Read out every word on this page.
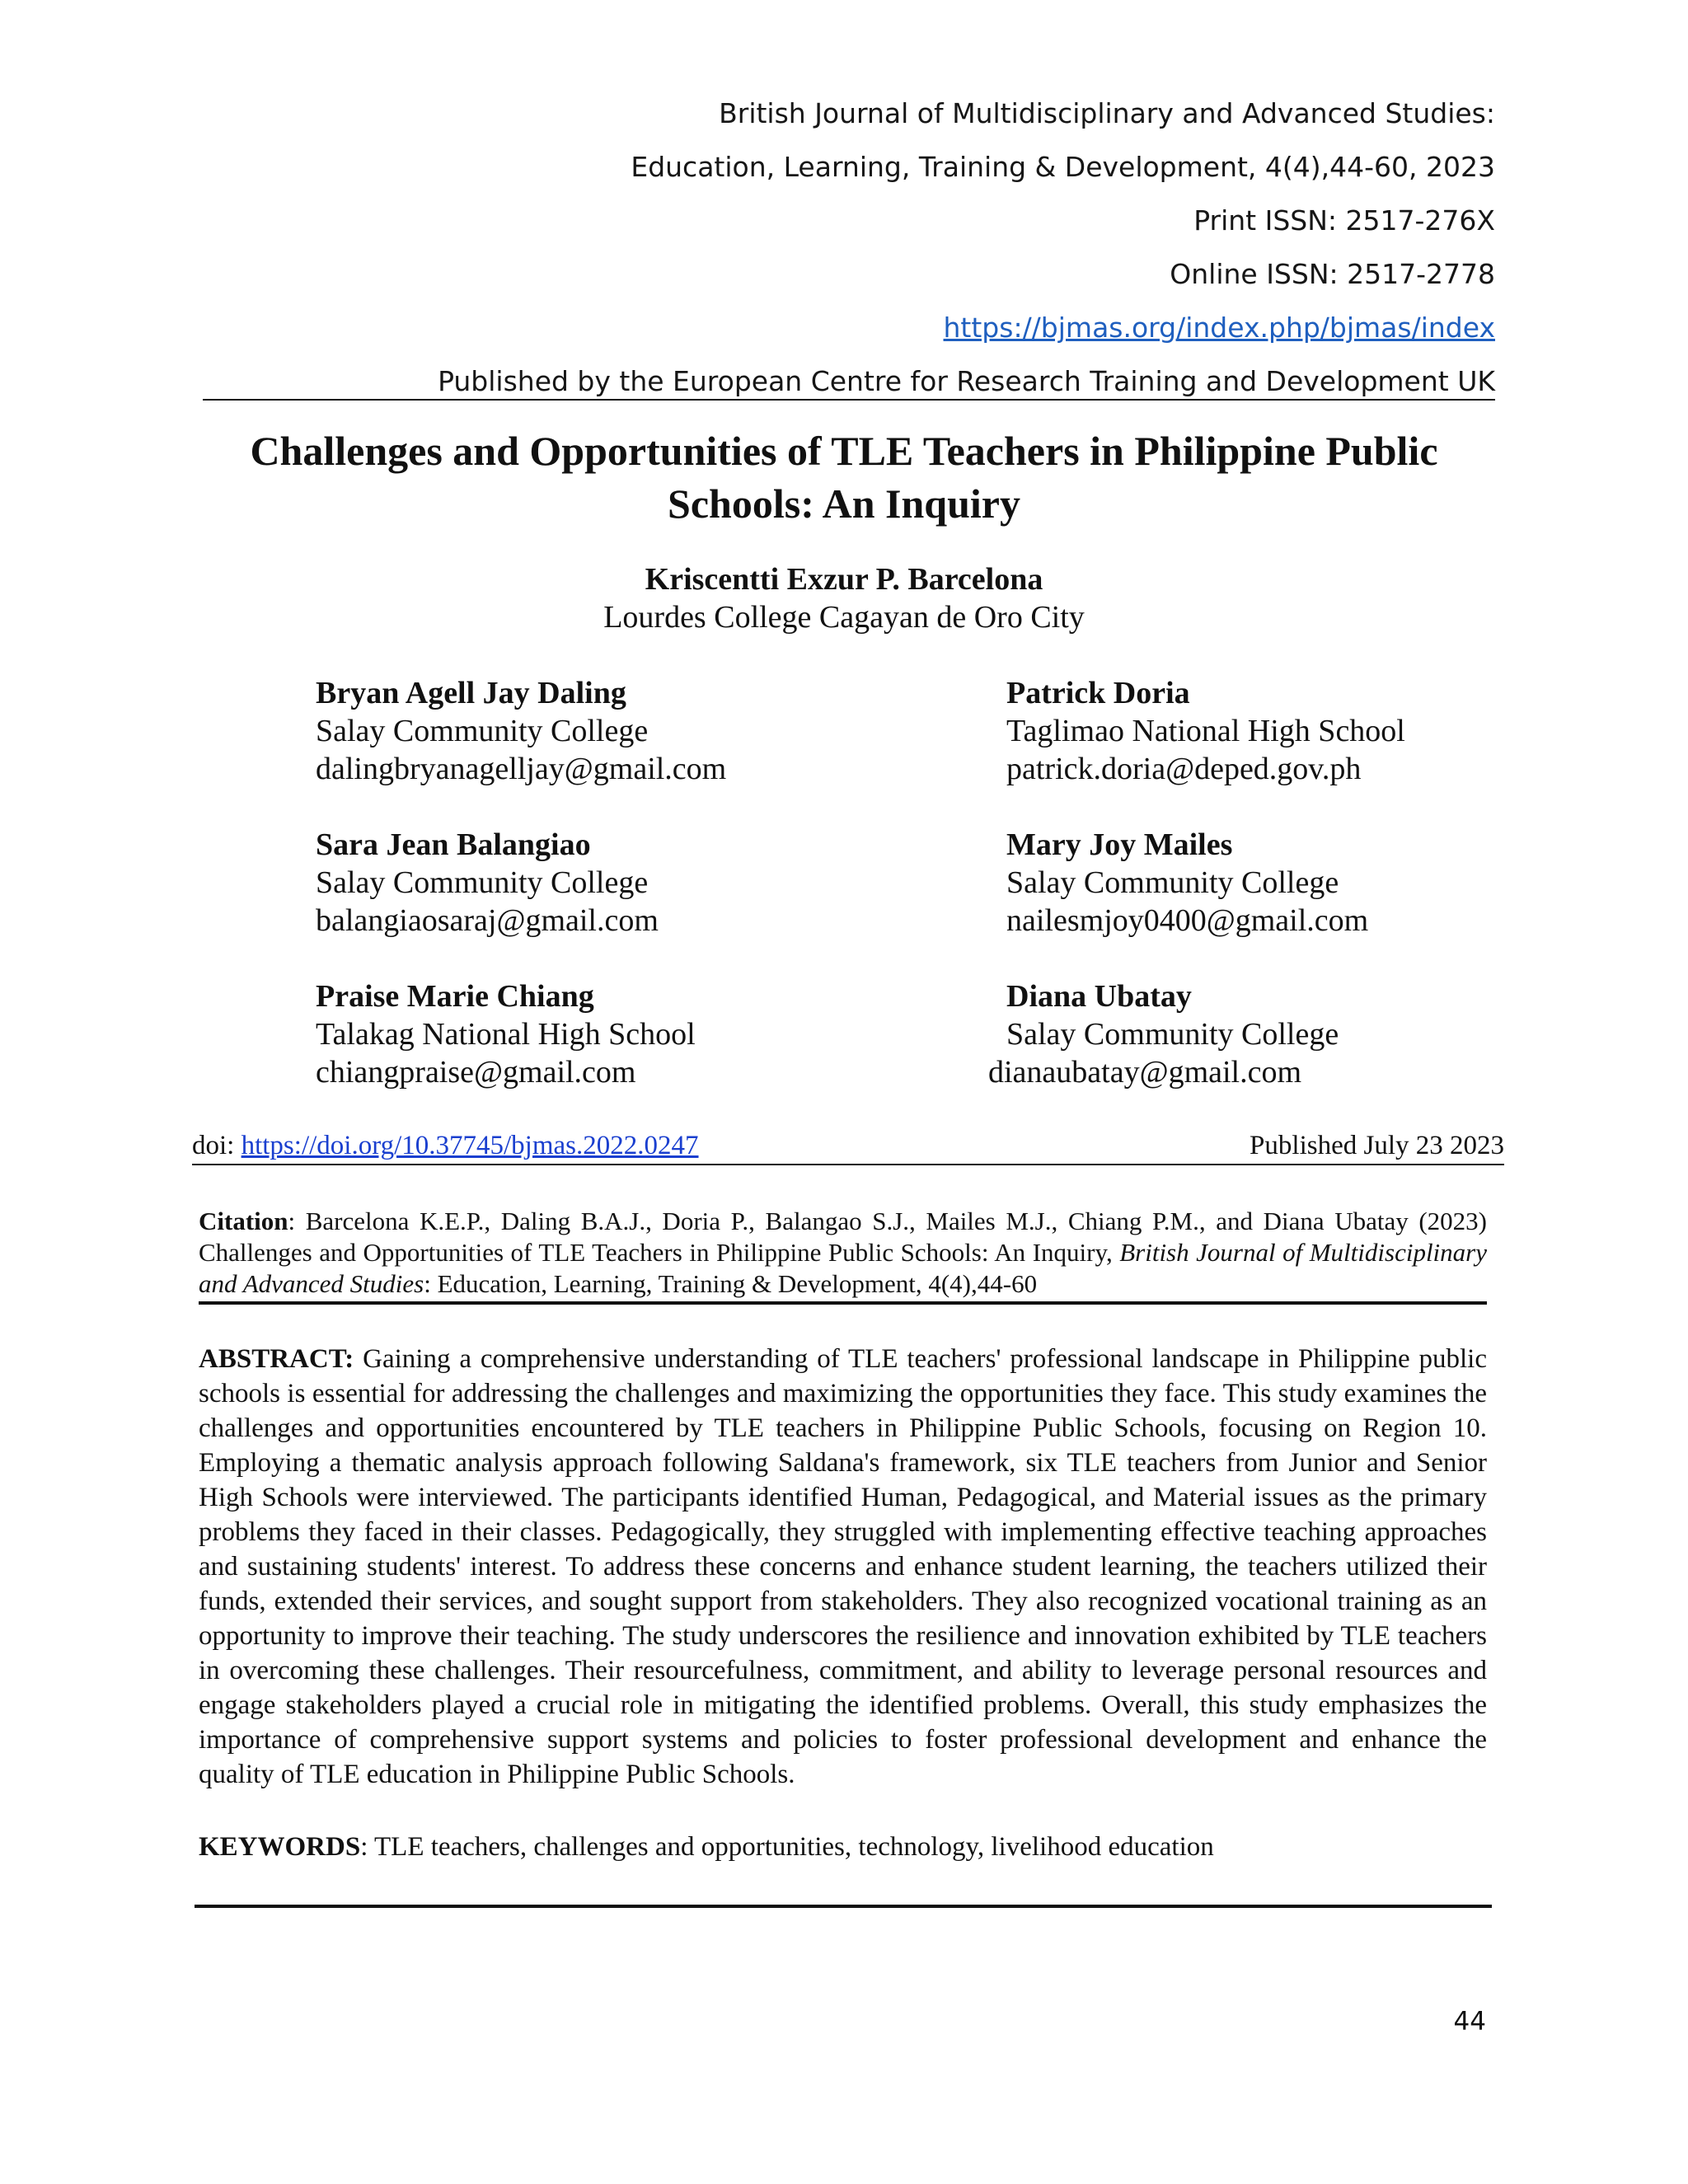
British Journal of Multidisciplinary and Advanced Studies:
Education, Learning, Training & Development, 4(4),44-60, 2023
Print ISSN: 2517-276X
Online ISSN: 2517-2778
https://bjmas.org/index.php/bjmas/index
Published by the European Centre for Research Training and Development UK
Challenges and Opportunities of TLE Teachers in Philippine Public
Schools: An Inquiry
Kriscentti Exzur P. Barcelona
Lourdes College Cagayan de Oro City
Bryan Agell Jay Daling
Salay Community College
dalingbryanagelljay@gmail.com
Patrick Doria
Taglimao National High School
patrick.doria@deped.gov.ph
Sara Jean Balangiao
Salay Community College
balangiaosaraj@gmail.com
Mary Joy Mailes
Salay Community College
nailesmjoy0400@gmail.com
Praise Marie Chiang
Talakag National High School
chiangpraise@gmail.com
Diana Ubatay
Salay Community College
dianaubatay@gmail.com
doi: https://doi.org/10.37745/bjmas.2022.0247	Published July 23 2023
Citation: Barcelona K.E.P., Daling B.A.J., Doria P., Balangao S.J., Mailes M.J., Chiang P.M., and Diana Ubatay (2023) Challenges and Opportunities of TLE Teachers in Philippine Public Schools: An Inquiry, British Journal of Multidisciplinary and Advanced Studies: Education, Learning, Training & Development, 4(4),44-60
ABSTRACT: Gaining a comprehensive understanding of TLE teachers' professional landscape in Philippine public schools is essential for addressing the challenges and maximizing the opportunities they face. This study examines the challenges and opportunities encountered by TLE teachers in Philippine Public Schools, focusing on Region 10. Employing a thematic analysis approach following Saldana's framework, six TLE teachers from Junior and Senior High Schools were interviewed. The participants identified Human, Pedagogical, and Material issues as the primary problems they faced in their classes. Pedagogically, they struggled with implementing effective teaching approaches and sustaining students' interest. To address these concerns and enhance student learning, the teachers utilized their funds, extended their services, and sought support from stakeholders. They also recognized vocational training as an opportunity to improve their teaching. The study underscores the resilience and innovation exhibited by TLE teachers in overcoming these challenges. Their resourcefulness, commitment, and ability to leverage personal resources and engage stakeholders played a crucial role in mitigating the identified problems. Overall, this study emphasizes the importance of comprehensive support systems and policies to foster professional development and enhance the quality of TLE education in Philippine Public Schools.
KEYWORDS: TLE teachers, challenges and opportunities, technology, livelihood education
44
